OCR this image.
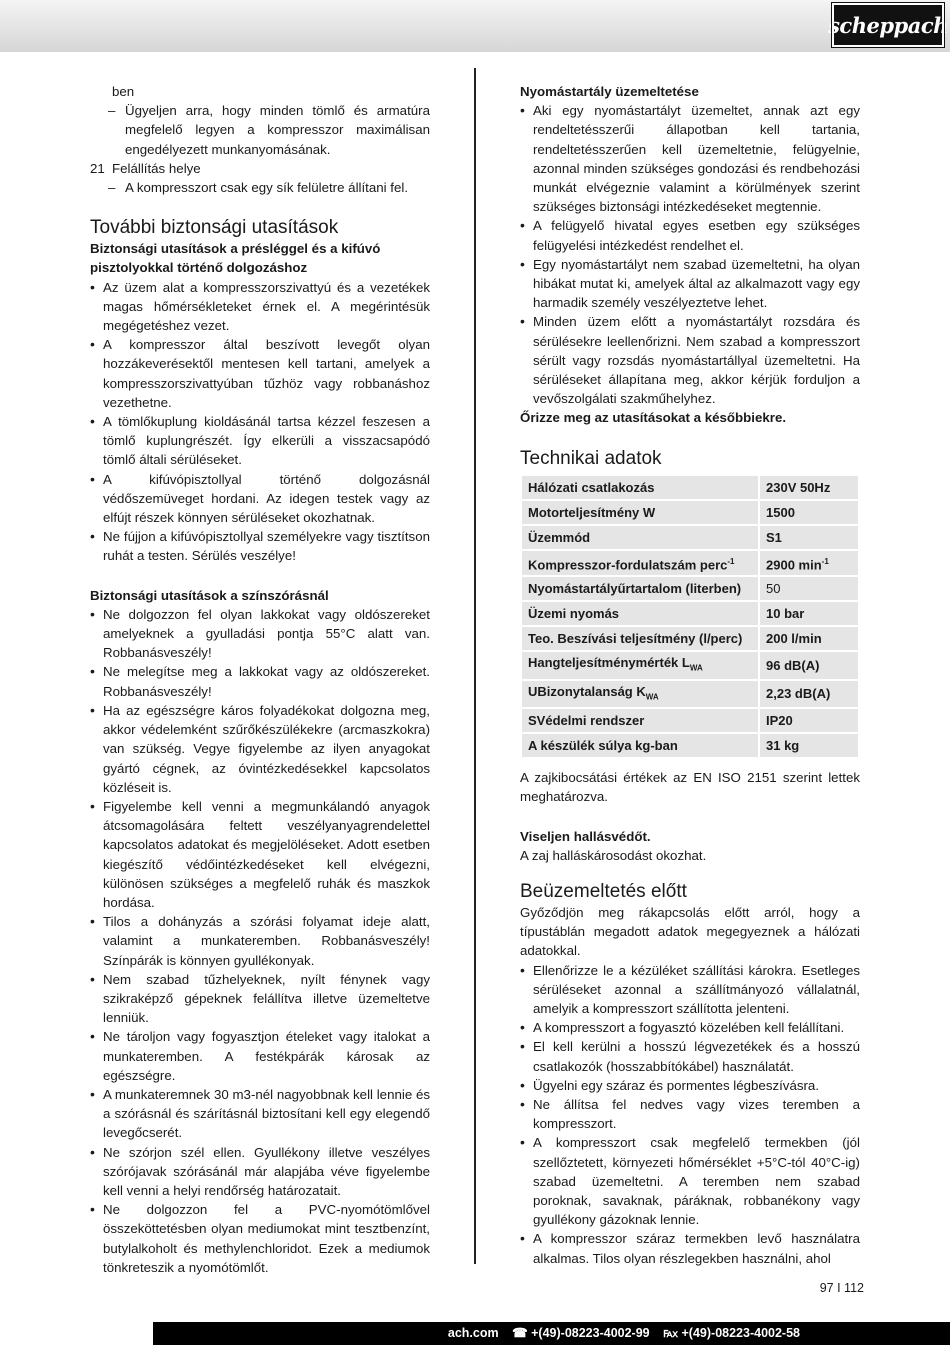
scheppach

ben

– Ügyeljen arra, hogy minden tömlő és armatúra megfelelő legyen a kompresszor maximálisan engedélyezett munkanyomásának.

21 Felállítás helye

– A kompresszort csak egy sík felületre állítani fel.

További biztonsági utasítások

Biztonsági utasítások a présléggel és a kifúvó pisztolyokkal történő dolgozáshoz

• Az üzem alat a kompresszorszivattyú és a vezetékek magas hőmérsékleteket érnek el. A megérintésük megégetéshez vezet.

• A kompresszor által beszívott levegőt olyan hozzákeverésektől mentesen kell tartani, amelyek a kompresszorszivattyúban tűzhöz vagy robbanáshoz vezethetne.

• A tömlőkuplung kioldásánál tartsa kézzel feszesen a tömlő kuplungrészét. Így elkerüli a visszacsapódó tömlő általi sérüléseket.

• A kifúvópisztollyal történő dolgozásnál védőszemüveget hordani. Az idegen testek vagy az elfújt részek könnyen sérüléseket okozhatnak.

• Ne fújjon a kifúvópisztollyal személyekre vagy tisztítson ruhát a testen. Sérülés veszélye!

Biztonsági utasítások a színszórásnál

• Ne dolgozzon fel olyan lakkokat vagy oldószereket amelyeknek a gyulladási pontja 55°C alatt van. Robbanásveszély!

• Ne melegítse meg a lakkokat vagy az oldószereket. Robbanásveszély!

• Ha az egészségre káros folyadékokat dolgozna meg, akkor védelemként szűrőkészülékekre (arcmaszkokra) van szükség. Vegye figyelembe az ilyen anyagokat gyártó cégnek, az óvintézkedésekkel kapcsolatos közléseit is.

• Figyelembe kell venni a megmunkálandó anyagok átcsomagolására feltett veszélyanyagrendelettel kapcsolatos adatokat és megjelöléseket. Adott esetben kiegészítő védőintézkedéseket kell elvégezni, különösen szükséges a megfelelő ruhák és maszkok hordása.

• Tilos a dohányzás a szórási folyamat ideje alatt, valamint a munkateremben. Robbanásveszély! Színpárák is könnyen gyullékonyak.

• Nem szabad tűzhelyeknek, nyílt fénynek vagy szikraképző gépeknek felállítva illetve üzemeltetve lenniük.

• Ne tároljon vagy fogyasztjon ételeket vagy italokat a munkateremben. A festékpárák károsak az egészségre.

• A munkateremnek 30 m3-nél nagyobbnak kell lennie és a szórásnál és szárításnál biztosítani kell egy elegendő levegőcserét.

• Ne szórjon szél ellen. Gyullékony illetve veszélyes szórójavak szórásánál már alapjába véve figyelembe kell venni a helyi rendőrség határozatait.

• Ne dolgozzon fel a PVC-nyomótömlővel összeköttetésben olyan mediumokat mint tesztbenzínt, butylalkoholt és methylenchloridot. Ezek a mediumok tönkreteszik a nyomótömlőt.

Nyomástartály üzemeltetése

• Aki egy nyomástartályt üzemeltet, annak azt egy rendeltetésszerűi állapotban kell tartania, rendeltetésszerűen kell üzemeltetnie, felügyelnie, azonnal minden szükséges gondozási és rendbehozási munkát elvégeznie valamint a körülmények szerint szükséges biztonsági intézkedéseket megtennie.

• A felügyelő hivatal egyes esetben egy szükséges felügyelési intézkedést rendelhet el.

• Egy nyomástartályt nem szabad üzemeltetni, ha olyan hibákat mutat ki, amelyek által az alkalmazott vagy egy harmadik személy veszélyeztetve lehet.

• Minden üzem előtt a nyomástartályt rozsdára és sérülésekre leellenőrizni. Nem szabad a kompresszort sérült vagy rozsdás nyomástartállyal üzemeltetni. Ha sérüléseket állapítana meg, akkor kérjük forduljon a vevőszolgálati szakműhelyhez.

Őrizze meg az utasításokat a későbbiekre.

Technikai adatok

Hálózati csatlakozás	230V 50Hz
Motorteljesítmény W	1500
Üzemmód	S1
Kompresszor-fordulatszám perc$^{-1}$	2900 $\min^{-1}$
Nyomástartályűrtartalom (literben)	50
Üzemi nyomás	10 bar
Teo. Beszívási teljesítmény (l/perc)	200 l/min
Hangteljesítménymérték $L_{WA}$	96 dB(A)
UBizonytalanság $K_{WA}$	2,23 dB(A)
SVédelmi rendszer	IP20
A készülék súlya kg-ban	31 kg

A zajkibocsátási értékek az EN ISO 2151 szerint lettek meghatározva.

Viseljen hallásvédőt.

A zaj halláskárosodást okozhat.

Beüzemeltetés előtt

Győződjön meg rákapcsolás előtt arról, hogy a típustáblán megadott adatok megegyeznek a hálózati adatokkal.

• Ellenőrizze le a kézüléket szállítási károkra. Esetleges sérüléseket azonnal a szállítmányozó vállalatnál, amelyik a kompresszort szállította jelenteni.

• A kompresszort a fogyasztó közelében kell felállítani.

• El kell kerülni a hosszú légvezetékek és a hosszú csatlakozók (hosszabbítókábel) használatát.

• Ügyelni egy száraz és pormentes légbeszívásra.

• Ne állítsa fel nedves vagy vizes teremben a kompresszort.

• A kompresszort csak megfelelő termekben (jól szellőztetett, környezeti hőmérséklet +5°C-tól 40°C-ig) szabad üzemeltetni. A teremben nem szabad poroknak, savaknak, páráknak, robbanékony vagy gyullékony gázoknak lennie.

• A kompresszor száraz termekben levő használatra alkalmas. Tilos olyan részlegekben használni, ahol

97 I 112
ach.com ☎ +(49)-08223-4002-99 ℻ +(49)-08223-4002-58
